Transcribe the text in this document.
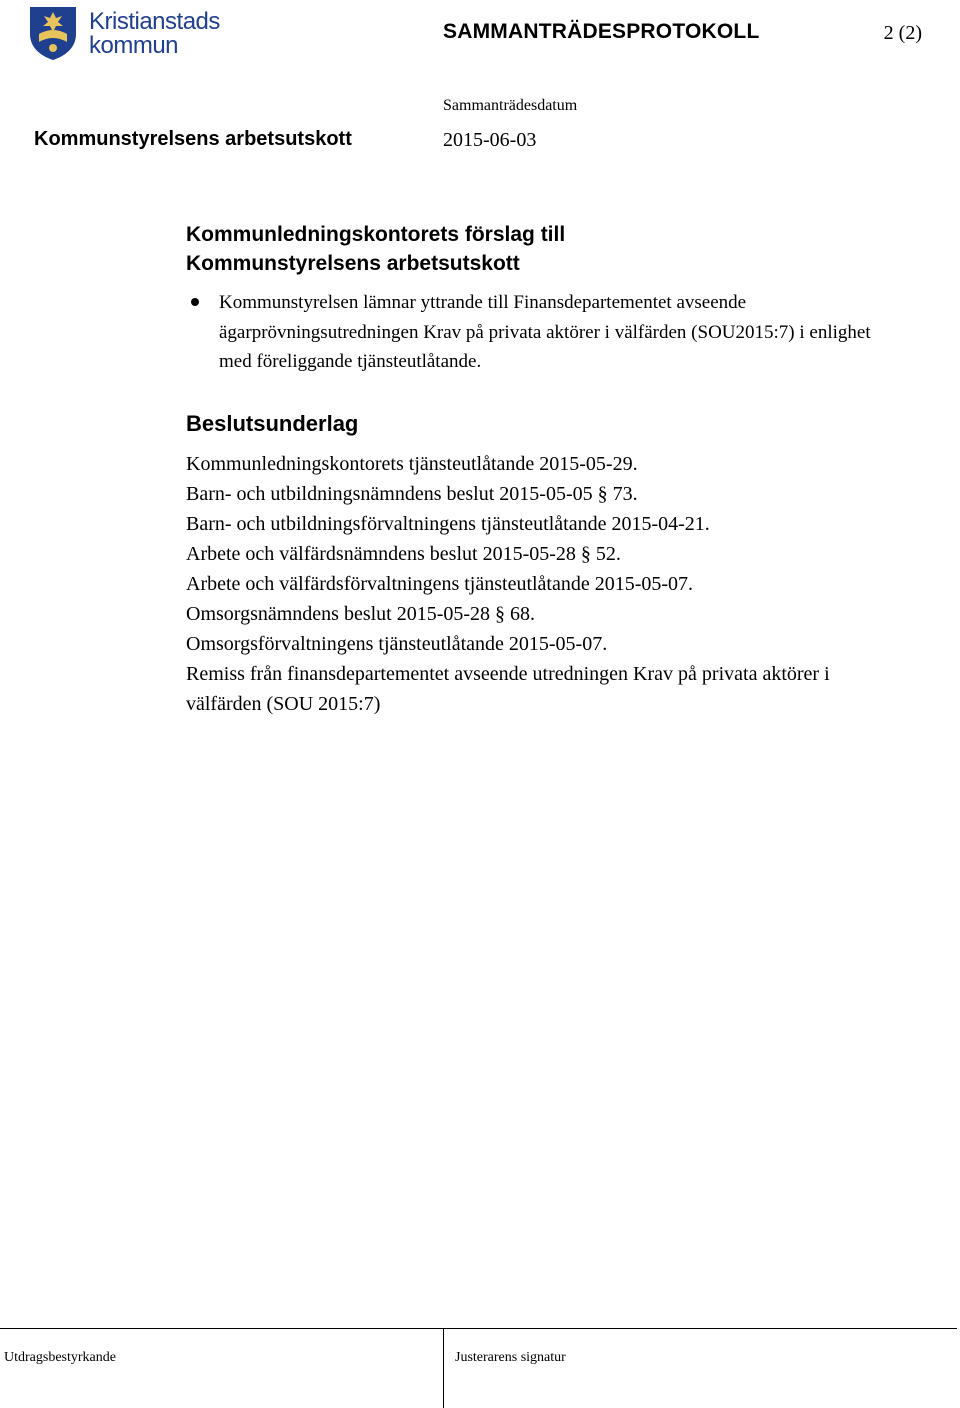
Kristianstads
kommun
SAMMANTRÄDESPROTOKOLL	2 (2)
Kommunstyrelsens arbetsutskott
Sammanträdesdatum
2015-06-03
Kommunledningskontorets förslag till
Kommunstyrelsens arbetsutskott
Kommunstyrelsen lämnar yttrande till Finansdepartementet avseende ägarprövningsutredningen Krav på privata aktörer i välfärden (SOU2015:7) i enlighet med föreliggande tjänsteutlåtande.
Beslutsunderlag
Kommunledningskontorets tjänsteutlåtande 2015-05-29.
Barn- och utbildningsnämndens beslut 2015-05-05 § 73.
Barn- och utbildningsförvaltningens tjänsteutlåtande 2015-04-21.
Arbete och välfärdsnämndens beslut 2015-05-28 § 52.
Arbete och välfärdsförvaltningens tjänsteutlåtande 2015-05-07.
Omsorgsnämndens beslut 2015-05-28 § 68.
Omsorgsförvaltningens tjänsteutlåtande 2015-05-07.
Remiss från finansdepartementet avseende utredningen Krav på privata aktörer i välfärden (SOU 2015:7)
Utdragsbestyrkande	Justerarens signatur
